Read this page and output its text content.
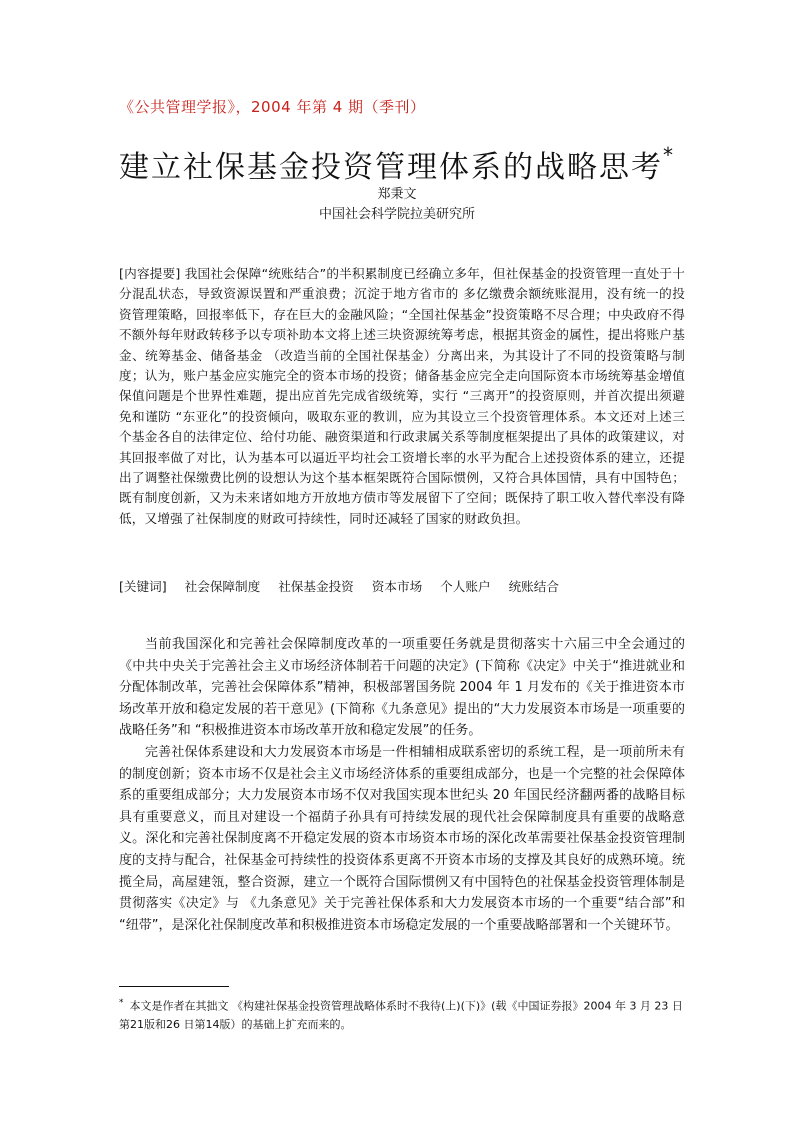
《公共管理学报》，2004 年第 4 期（季刊）
建立社保基金投资管理体系的战略思考*
郑秉文
中国社会科学院拉美研究所
[内容提要] 我国社会保障“统账结合”的半积累制度已经确立多年，但社保基金的投资管理一直处于十分混乱状态，导致资源误置和严重浪费；沉淀于地方省市的 多亿缴费余额统账混用，没有统一的投资管理策略，回报率低下，存在巨大的金融风险；“全国社保基金”投资策略不尽合理；中央政府不得不额外每年财政转移予以专项补助本文将上述三块资源统筹考虑，根据其资金的属性，提出将账户基金、统筹基金、储备基金 （改造当前的全国社保基金）分离出来，为其设计了不同的投资策略与制度；认为，账户基金应实施完全的资本市场的投资；储备基金应完全走向国际资本市场统筹基金增值保值问题是个世界性难题，提出应首先完成省级统筹，实行 “三离开”的投资原则，并首次提出须避免和谨防 “东亚化”的投资倾向，吸取东亚的教训，应为其设立三个投资管理体系。本文还对上述三个基金各自的法律定位、给付功能、融资渠道和行政隶属关系等制度框架提出了具体的政策建议，对其回报率做了对比，认为基本可以逼近平均社会工资增长率的水平为配合上述投资体系的建立，还提出了调整社保缴费比例的设想认为这个基本框架既符合国际惯例，又符合具体国情，具有中国特色；既有制度创新，又为未来诸如地方开放地方债市等发展留下了空间；既保持了职工收入替代率没有降低，又增强了社保制度的财政可持续性，同时还减轻了国家的财政负担。
[关键词] 社会保障制度 社保基金投资 资本市场 个人账户 统账结合

当前我国深化和完善社会保障制度改革的一项重要任务就是贯彻落实十六届三中全会通过的 《中共中央关于完善社会主义市场经济体制若干问题的决定》(下简称《决定》中关于“推进就业和分配体制改革，完善社会保障体系”精神，积极部署国务院 2004 年 1 月发布的《关于推进资本市场改革开放和稳定发展的若干意见》(下简称《九条意见》提出的“大力发展资本市场是一项重要的战略任务”和 “积极推进资本市场改革开放和稳定发展”的任务。

完善社保体系建设和大力发展资本市场是一件相辅相成联系密切的系统工程，是一项前所未有的制度创新；资本市场不仅是社会主义市场经济体系的重要组成部分，也是一个完整的社会保障体系的重要组成部分；大力发展资本市场不仅对我国实现本世纪头 20 年国民经济翻两番的战略目标具有重要意义，而且对建设一个福荫子孙具有可持续发展的现代社会保障制度具有重要的战略意义。深化和完善社保制度离不开稳定发展的资本市场资本市场的深化改革需要社保基金投资管理制度的支持与配合，社保基金可持续性的投资体系更离不开资本市场的支撑及其良好的成熟环境。统揽全局，高屋建瓴，整合资源，建立一个既符合国际惯例又有中国特色的社保基金投资管理体制是贯彻落实《决定》与 《九条意见》关于完善社保体系和大力发展资本市场的一个重要“结合部”和 “纽带”，是深化社保制度改革和积极推进资本市场稳定发展的一个重要战略部署和一个关键环节。

* 本文是作者在其拙文 《构建社保基金投资管理战略体系时不我待(上)(下)》(载《中国证券报》2004 年 3 月 23 日第21版和26 日第14版）的基础上扩充而来的。
